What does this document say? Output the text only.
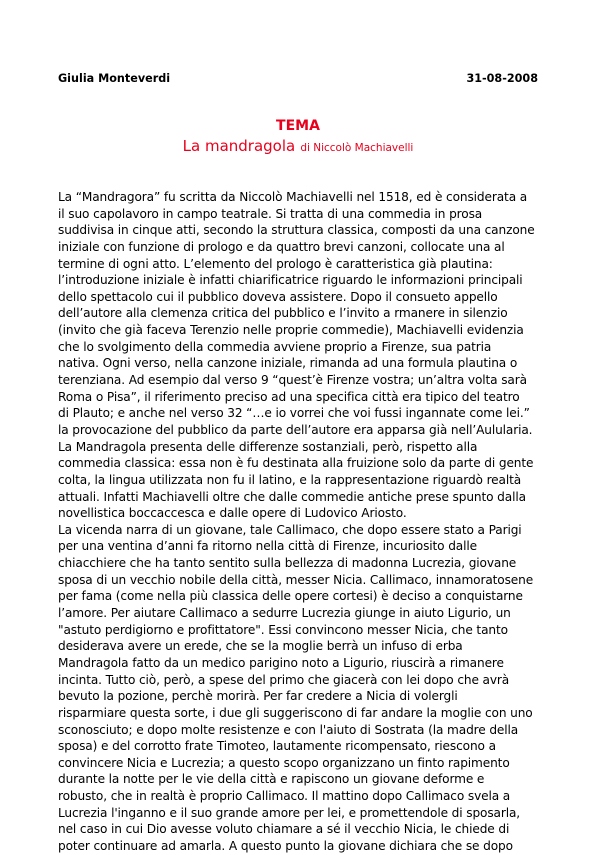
Giulia Monteverdi	31-08-2008
TEMA
La mandragola di Niccolò Machiavelli
La “Mandragora” fu scritta da Niccolò Machiavelli nel 1518, ed è considerata a
il suo capolavoro in campo teatrale. Si tratta di una commedia in prosa
suddivisa in cinque atti, secondo la struttura classica, composti da una canzone
iniziale con funzione di prologo e da quattro brevi canzoni, collocate una al
termine di ogni atto. L’elemento del prologo è caratteristica già plautina:
l’introduzione iniziale è infatti chiarificatrice riguardo le informazioni principali
dello spettacolo cui il pubblico doveva assistere. Dopo il consueto appello
dell’autore alla clemenza critica del pubblico e l’invito a rmanere in silenzio
(invito che già faceva Terenzio nelle proprie commedie), Machiavelli evidenzia
che lo svolgimento della commedia avviene proprio a Firenze, sua patria
nativa. Ogni verso, nella canzone iniziale, rimanda ad una formula plautina o
terenziana. Ad esempio dal verso 9 “quest’è Firenze vostra; un’altra volta sarà
Roma o Pisa”, il riferimento preciso ad una specifica città era tipico del teatro
di Plauto; e anche nel verso 32 “…e io vorrei che voi fussi ingannate come lei.”
la provocazione del pubblico da parte dell’autore era apparsa già nell’Aulularia.
La Mandragola presenta delle differenze sostanziali, però, rispetto alla
commedia classica: essa non è fu destinata alla fruizione solo da parte di gente
colta, la lingua utilizzata non fu il latino, e la rappresentazione riguardò realtà
attuali. Infatti Machiavelli oltre che dalle commedie antiche prese spunto dalla
novellistica boccaccesca e dalle opere di Ludovico Ariosto.
La vicenda narra di un giovane, tale Callimaco, che dopo essere stato a Parigi
per una ventina d’anni fa ritorno nella città di Firenze, incuriosito dalle
chiacchiere che ha tanto sentito sulla bellezza di madonna Lucrezia, giovane
sposa di un vecchio nobile della città, messer Nicia. Callimaco, innamoratosene
per fama (come nella più classica delle opere cortesi) è deciso a conquistarne
l’amore. Per aiutare Callimaco a sedurre Lucrezia giunge in aiuto Ligurio, un
"astuto perdigiorno e profittatore". Essi convincono messer Nicia, che tanto
desiderava avere un erede, che se la moglie berrà un infuso di erba
Mandragola fatto da un medico parigino noto a Ligurio, riuscirà a rimanere
incinta. Tutto ciò, però, a spese del primo che giacerà con lei dopo che avrà
bevuto la pozione, perchè morirà. Per far credere a Nicia di volergli
risparmiare questa sorte, i due gli suggeriscono di far andare la moglie con uno
sconosciuto; e dopo molte resistenze e con l'aiuto di Sostrata (la madre della
sposa) e del corrotto frate Timoteo, lautamente ricompensato, riescono a
convincere Nicia e Lucrezia; a questo scopo organizzano un finto rapimento
durante la notte per le vie della città e rapiscono un giovane deforme e
robusto, che in realtà è proprio Callimaco. Il mattino dopo Callimaco svela a
Lucrezia l'inganno e il suo grande amore per lei, e promettendole di sposarla,
nel caso in cui Dio avesse voluto chiamare a sé il vecchio Nicia, le chiede di
poter continuare ad amarla. A questo punto la giovane dichiara che se dopo
